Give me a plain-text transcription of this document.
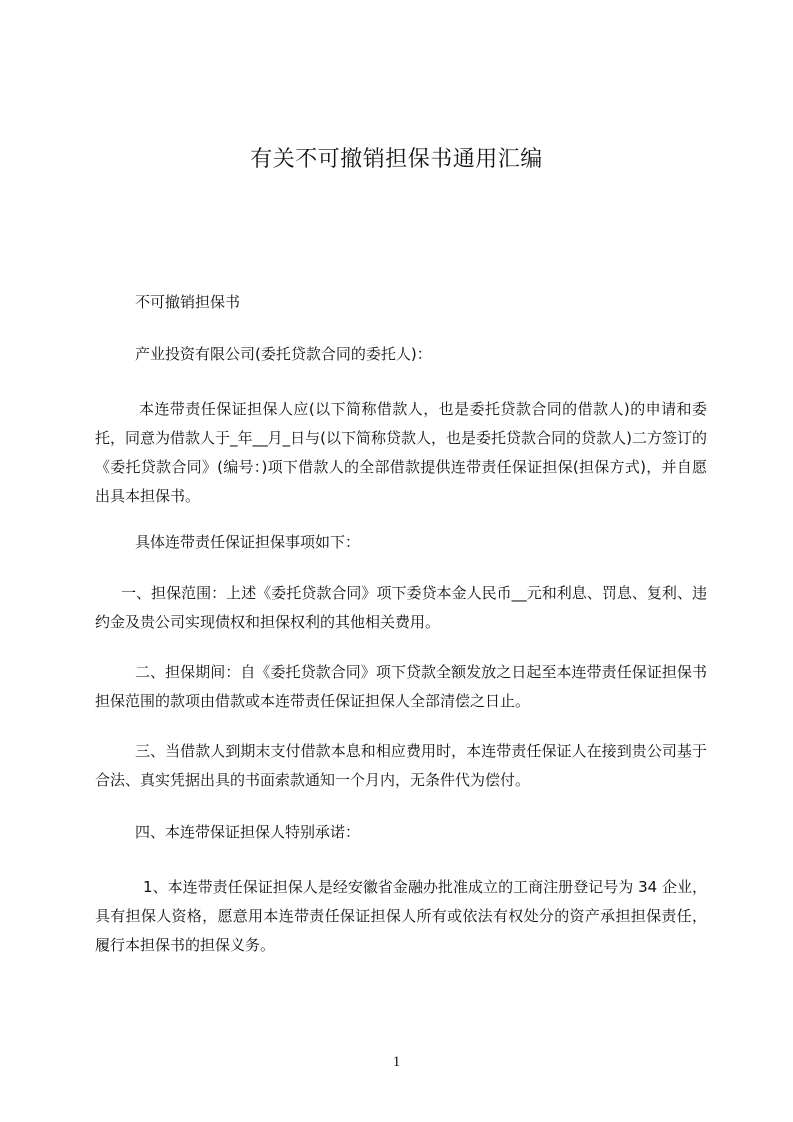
有关不可撤销担保书通用汇编

不可撤销担保书

产业投资有限公司(委托贷款合同的委托人)：

本连带责任保证担保人应(以下简称借款人，也是委托贷款合同的借款人)的申请和委托，同意为借款人于_年__月_日与(以下简称贷款人，也是委托贷款合同的贷款人)二方签订的《委托贷款合同》(编号：)项下借款人的全部借款提供连带责任保证担保(担保方式)，并自愿出具本担保书。

具体连带责任保证担保事项如下：

一、担保范围：上述《委托贷款合同》项下委贷本金人民币__元和利息、罚息、复利、违约金及贵公司实现债权和担保权利的其他相关费用。

二、担保期间：自《委托贷款合同》项下贷款全额发放之日起至本连带责任保证担保书担保范围的款项由借款或本连带责任保证担保人全部清偿之日止。

三、当借款人到期末支付借款本息和相应费用时，本连带责任保证人在接到贵公司基于合法、真实凭据出具的书面索款通知一个月内，无条件代为偿付。

四、本连带保证担保人特别承诺：

1、本连带责任保证担保人是经安徽省金融办批准成立的工商注册登记号为 34 企业，具有担保人资格，愿意用本连带责任保证担保人所有或依法有权处分的资产承担担保责任，履行本担保书的担保义务。

1
